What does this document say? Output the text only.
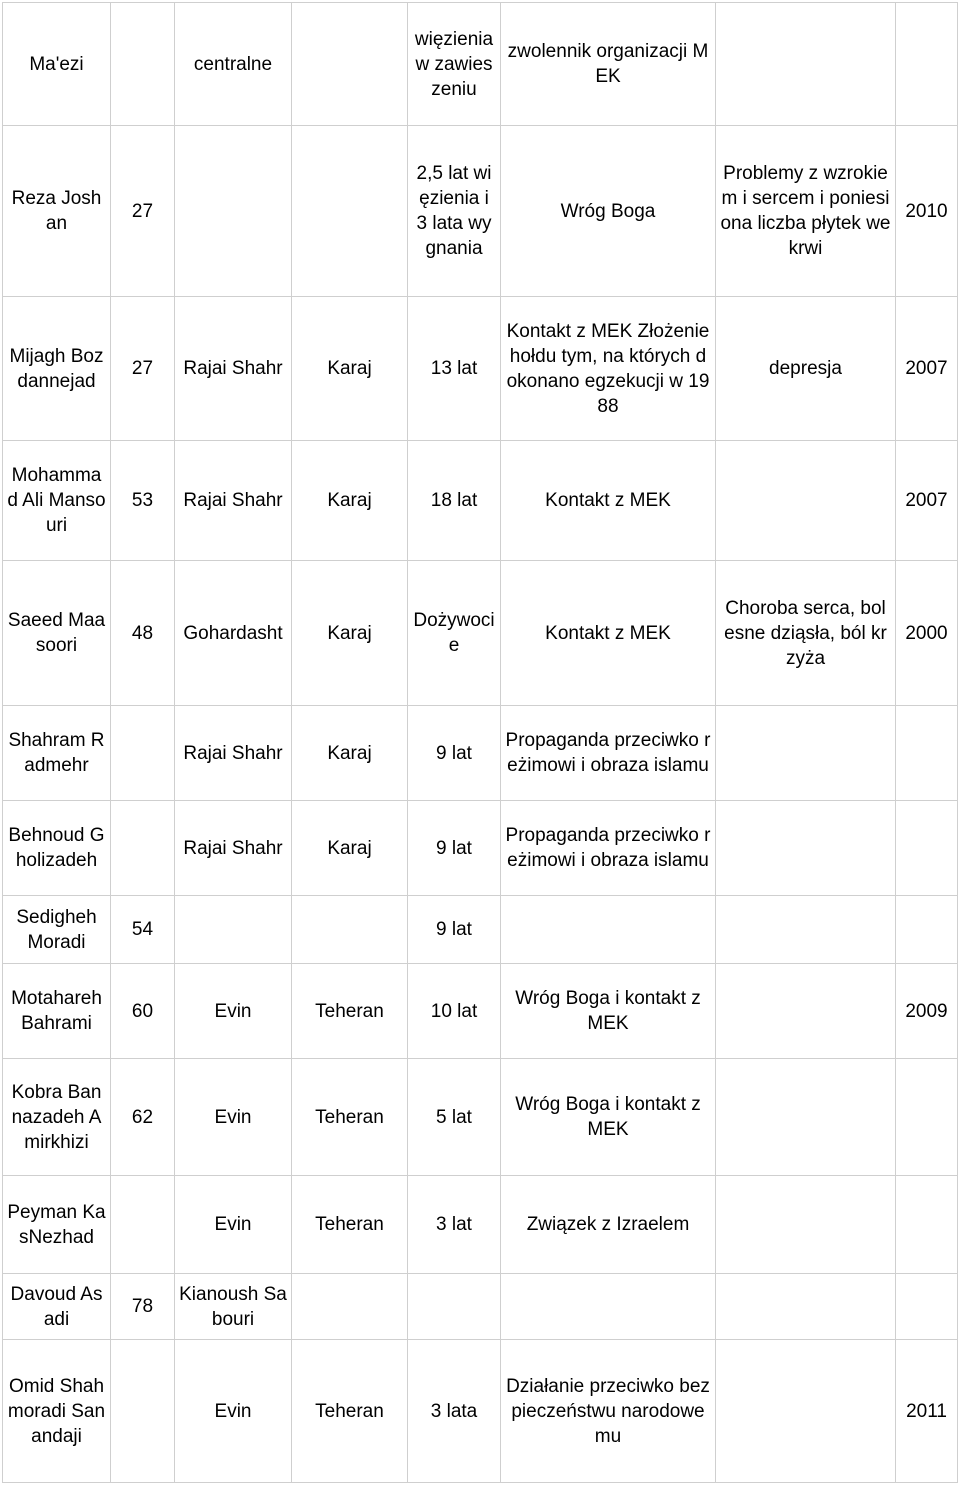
Ma'ezi		centralne		więzienia w zawieszeniu	zwolennik organizacji MEK		
Reza Joshan	27			2,5 lat więzienia i 3 lata wygnania	Wróg Boga	Problemy z wzrokiem i sercem i poniesiona liczba płytek we krwi	2010
Mijagh Bozdannejad	27	Rajai Shahr	Karaj	13 lat	Kontakt z MEK Złożenie hołdu tym, na których dokonano egzekucji w 1988	depresja	2007
Mohammad Ali Mansouri	53	Rajai Shahr	Karaj	18 lat	Kontakt z MEK		2007
Saeed Maasoori	48	Gohardasht	Karaj	Dożywocie	Kontakt z MEK	Choroba serca, bolesne dziąsła, ból krzyża	2000
Shahram Radmehr		Rajai Shahr	Karaj	9 lat	Propaganda przeciwko reżimowi i obraza islamu		
Behnoud Gholizadeh		Rajai Shahr	Karaj	9 lat	Propaganda przeciwko reżimowi i obraza islamu		
Sedigheh Moradi	54			9 lat			
Motahareh Bahrami	60	Evin	Teheran	10 lat	Wróg Boga i kontakt z MEK		2009
Kobra Bannazadeh Amirkhizi	62	Evin	Teheran	5 lat	Wróg Boga i kontakt z MEK		
Peyman KasNezhad		Evin	Teheran	3 lat	Związek z Izraelem		
Davoud Asadi	78	Kianoush Sabouri					
Omid Shahmoradi Sanandaji		Evin	Teheran	3 lata	Działanie przeciwko bezpieczeństwu narodowemu		2011
